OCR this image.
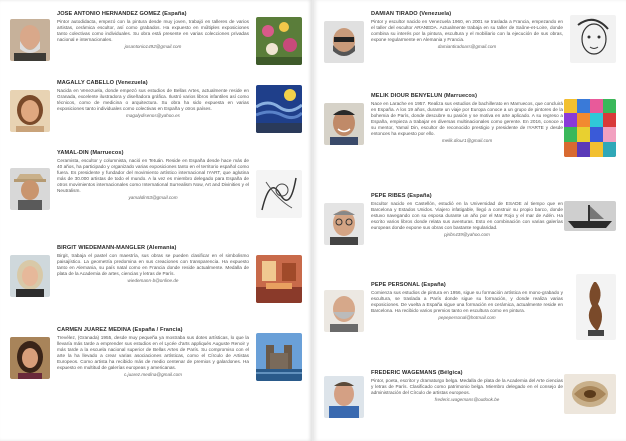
JOSE ANTONIO HERNANDEZ GOMEZ (España)
Pintor autodidacta, empezó con la pintura desde muy joven, trabajó en talleres de varios artistas, cerámica escultor, así como grabados. Ha expuesto en múltiples exposiciones tanto colectivas como individuales. Su obra está presente en varias colecciones privadas nacional e internacionales.
josantonio1492@gmail.com
MAGALLY CABELLO (Venezuela)
Nacida en Venezuela, donde empezó sus estudios de Bellas Artes, actualmente reside en Granada, excelente ilustradora y diseñadora gráfica. Ilustró varios libros infantiles así como técnicos, como de medicina o arquitectura. Su obra ha sido expuesta en varias exposiciones tanto individuales como colectivas en España y otros países.
magalydisenos@yahoo.es
YAMAL-DIN (Marruecos)
Ceramista, escultor y columnista, nació en Tetuán. Reside en España desde hace más de 40 años, ha participado y organizado varias exposiciones tanto en el territorio español como fuera. Es presidente y fundador del movimiento artístico internacional IYART, que aglutina más de 30.000 artistas de todo el mundo. A la vez es miembro delegado para España de otros movimientos internacionales como International Surrealism Now, Art and Divinities y el Neutralism.
yamaldin53@gmail.com
BIRGIT WIEDEMANN-MANGLER (Alemania)
Birgit, trabaja el pastel con maestría, sus obras se pueden clasificar en el simbolismo paisajístico. La geometría predomina en sus creaciones con transparencia. Ha expuesto tanto en Alemania, su país natal como en Francia donde reside actualmente. Medalla de plata de la Academia de artes, ciencias y letras de París.
wiedemann-b@online.de
CARMEN JUAREZ MEDINA (España / Francia)
Trevélez, (Granada) 1955, desde muy pequeña ya mostraba sus dotes artísticas, lo que la llevaría más tarde a emprender sus estudios en el Lycée d'arts appliqués Auguste Renoir y más tarde a la escuela nacional superior de Bellas Artes de París. Su compromiso con el arte la ha llevado a crear varias asociaciones artísticas, como el Círculo de Artistas Europeos. Como artista ha recibido más de medio centenar de premios y galardones. Ha expuesto en multitud de galerías europeas y americanas.
c.juarez.medina@gmail.com
DAMIAN TIRADO (Venezuela)
Pintor y escultor nacido en Venezuela 1960, en 2001 se traslada a Francia, empezando en el taller del escultor ARANEDA. Actualmente trabaja en su taller de Saône-et-Loire, donde combina su interés por la pintura, escultura y el mobiliario con la ejecución de sus obras, expone regularmente en Alemania y Francia.
damiantiradoars@gmail.com
MELIK DIOUR BENYELUN (Marruecos)
Nace en Larache en 1957. Realiza sus estudios de bachillerato en Marruecos, que concluirá en España. A los 19 años, durante un viaje por Europa conoce a un grupo de pintores de la bohemia de París, donde descubre su pasión y se motiva en arte aplicado. A su regreso a España, empieza a trabajar en diversas multinacionales como gerente. En 2016, conoce a su mentor, Yamal Din, escultor de reconocido prestigio y presidente de IYARTE y desde entonces ha expuesto por ello.
melik.diour1@gmail.com
PEPE RIBES (España)
Escultor nacido en Castellón, estudió en la Universidad de ESADE al tiempo que en Barcelona y Estados Unidos. Viajero infatigable, llegó a construir su propio barco, donde estuvo navegando con su esposa durante un año por el Mar Rojo y el mar de Adén. Ha escrito varios libros donde relata sus aventuras. Esto en combinación con varias galerías europeas donde expone sus obras con bastante regularidad.
pjribs439@yahoo.com
PEPE PERSONAL (España)
Comienza sus estudios de pintura en 1956, sigue su formación artística en mono-grabado y escultura, se traslada a París donde sigue su formación, y donde realiza varias exposiciones. De vuelta a España sigue una formación en cerámica, actualmente reside en Barcelona. Ha recibido varios premios tanto en escultura como en pintura.
pepepersonal@hotmail.com
FREDERIC WAGEMANS (Bélgica)
Pintor, poeta, escritor y dramaturgo belga. Medalla de plata de la Academia del Arte ciencias y letras de París. Clasificado como patrimonio belga. Miembro delegado en el consejo de administración del Círculo de artistas europeos.
frederic.wagemans@outlook.be
